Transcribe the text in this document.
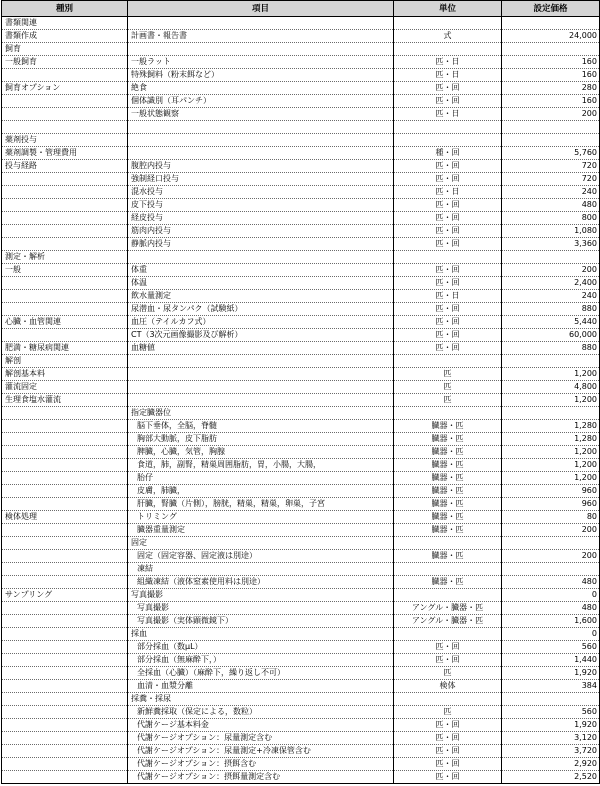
種別	項目	単位	設定価格
書類関連			
書類作成	計画書・報告書	式	24,000
飼育			
一般飼育	一般ラット	匹・日	160
	特殊飼料（粉末餌など）	匹・日	160
飼育オプション	絶食	匹・回	280
	個体識別（耳パンチ）	匹・回	160
	一般状態観察	匹・日	200

薬剤投与			
薬剤調製・管理費用		種・回	5,760
投与経路	腹腔内投与	匹・回	720
	強制経口投与	匹・回	720
	混水投与	匹・日	240
	皮下投与	匹・回	480
	経皮投与	匹・回	800
	筋肉内投与	匹・回	1,080
	静脈内投与	匹・回	3,360
測定・解析			
一般	体重	匹・回	200
	体温	匹・回	2,400
	飲水量測定	匹・日	240
	尿潜血・尿タンパク（試験紙）	匹・回	880
心臓・血管関連	血圧（テイルカフ式）	匹・回	5,440
	CT（3次元画像撮影及び解析）	匹・回	60,000
肥満・糖尿病関連	血糖値	匹・回	880
解剖			
解剖基本料		匹	1,200
灌流固定		匹	4,800
生理食塩水灌流		匹	1,200
	指定臓器位		
	脳下垂体，全脳，脊髄	臓器・匹	1,280
	胸部大動脈，皮下脂肪	臓器・匹	1,280
	脾臓，心臓，気管，胸腺	臓器・匹	1,200
	食道，肺，副腎，精巣周囲脂肪，胃，小腸，大腸，	臓器・匹	1,200
	胎仔	臓器・匹	1,200
	皮膚，肺臓，	臓器・匹	960
	肝臓，腎臓（片側），膀胱，精巣，精巣，卵巣，子宮	臓器・匹	960
検体処理	トリミング	臓器・匹	80
	臓器重量測定	臓器・匹	200
	固定		
	固定（固定容器、固定液は別途）	臓器・匹	200
	凍結		
	組織凍結（液体窒素使用料は別途）	臓器・匹	480
サンプリング	写真撮影		0
	写真撮影	アングル・臓器・匹	480
	写真撮影（実体顕微鏡下）	アングル・臓器・匹	1,600
	採血		0
	部分採血（数μL）	匹・回	560
	部分採血（無麻酔下，）	匹・回	1,440
	全採血（心臓）（麻酔下，繰り返し不可）	匹	1,920
	血清・血漿分離	検体	384
	採糞・採尿		
	新鮮糞採取（保定による，数粒）	匹	560
	代謝ケージ基本料金	匹・回	1,920
	代謝ケージオプション：尿量測定含む	匹・回	3,120
	代謝ケージオプション：尿量測定+冷凍保管含む	匹・回	3,720
	代謝ケージオプション：摂餌含む	匹・回	2,920
	代謝ケージオプション：摂餌量測定含む	匹・回	2,520
